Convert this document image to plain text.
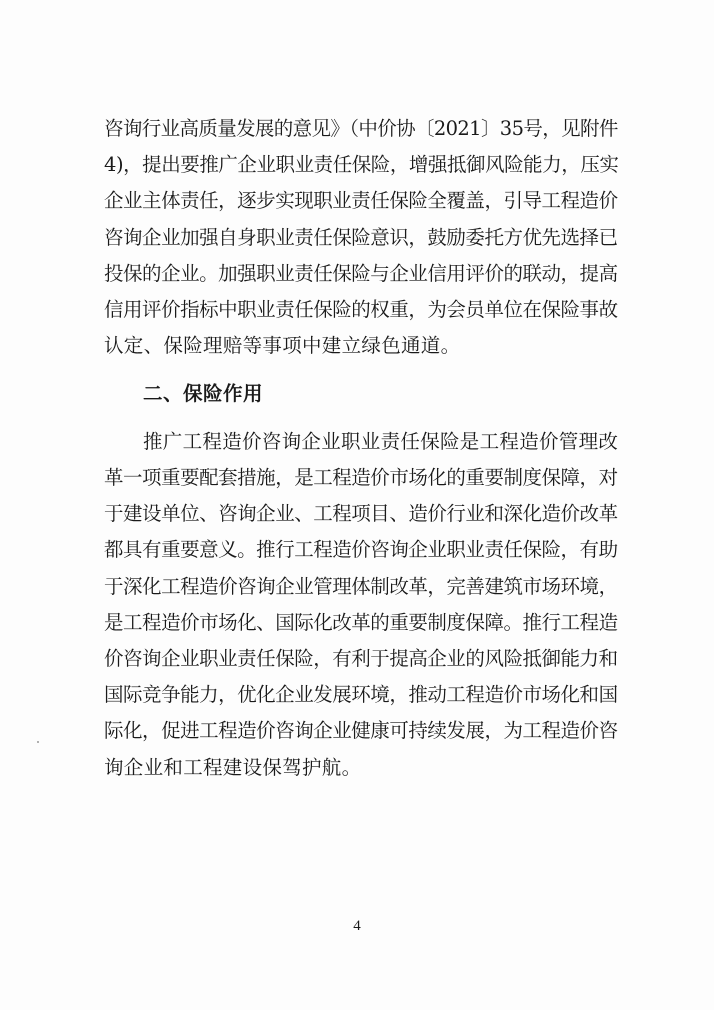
咨询行业高质量发展的意见》（中价协〔2021〕35号，见附件
4)，提出要推广企业职业责任保险，增强抵御风险能力，压实
企业主体责任，逐步实现职业责任保险全覆盖，引导工程造价
咨询企业加强自身职业责任保险意识，鼓励委托方优先选择已
投保的企业。加强职业责任保险与企业信用评价的联动，提高
信用评价指标中职业责任保险的权重，为会员单位在保险事故
认定、保险理赔等事项中建立绿色通道。
二、保险作用
推广工程造价咨询企业职业责任保险是工程造价管理改
革一项重要配套措施，是工程造价市场化的重要制度保障，对
于建设单位、咨询企业、工程项目、造价行业和深化造价改革
都具有重要意义。推行工程造价咨询企业职业责任保险，有助
于深化工程造价咨询企业管理体制改革，完善建筑市场环境，
是工程造价市场化、国际化改革的重要制度保障。推行工程造
价咨询企业职业责任保险，有利于提高企业的风险抵御能力和
国际竞争能力，优化企业发展环境，推动工程造价市场化和国
际化，促进工程造价咨询企业健康可持续发展，为工程造价咨
询企业和工程建设保驾护航。
4
